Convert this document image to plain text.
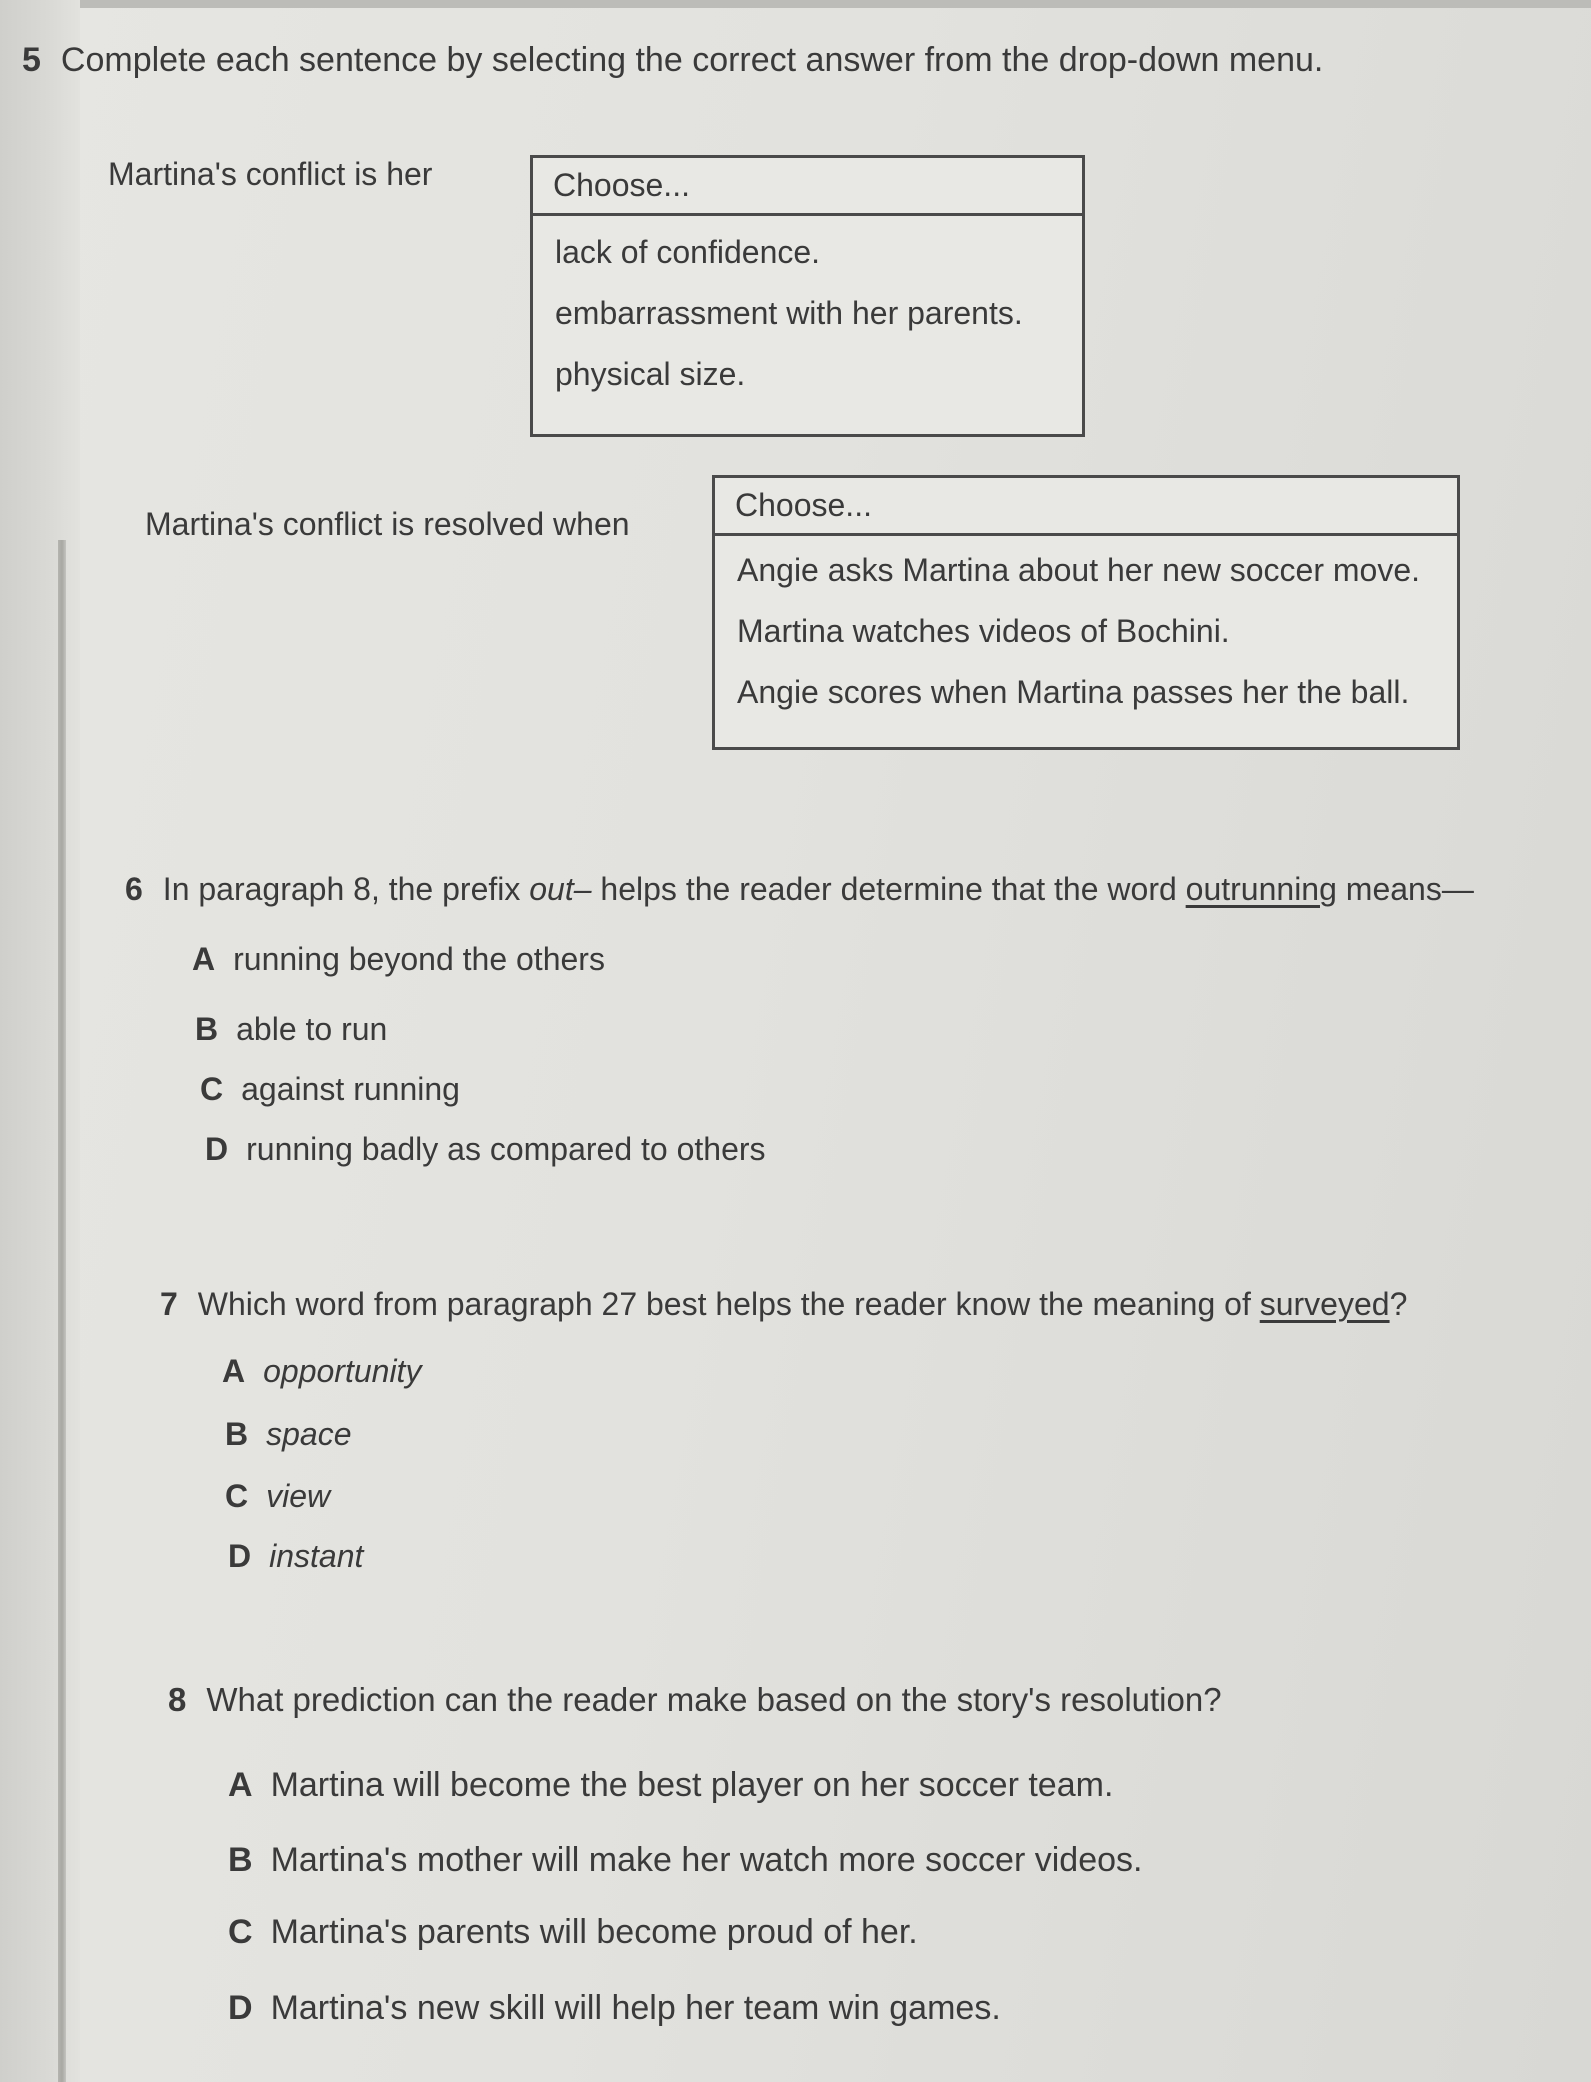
5 Complete each sentence by selecting the correct answer from the drop-down menu.
Martina's conflict is her	Choose...
lack of confidence.
embarrassment with her parents.
physical size.
Martina's conflict is resolved when
Choose...
Angie asks Martina about her new soccer move.
Martina watches videos of Bochini.
Angie scores when Martina passes her the ball.
6 In paragraph 8, the prefix out– helps the reader determine that the word outrunning means—
A running beyond the others
B able to run
C against running
D running badly as compared to others
7 Which word from paragraph 27 best helps the reader know the meaning of surveyed?
A opportunity
B space
C view
D instant
8 What prediction can the reader make based on the story's resolution?
A Martina will become the best player on her soccer team.
B Martina's mother will make her watch more soccer videos.
C Martina's parents will become proud of her.
D Martina's new skill will help her team win games.
